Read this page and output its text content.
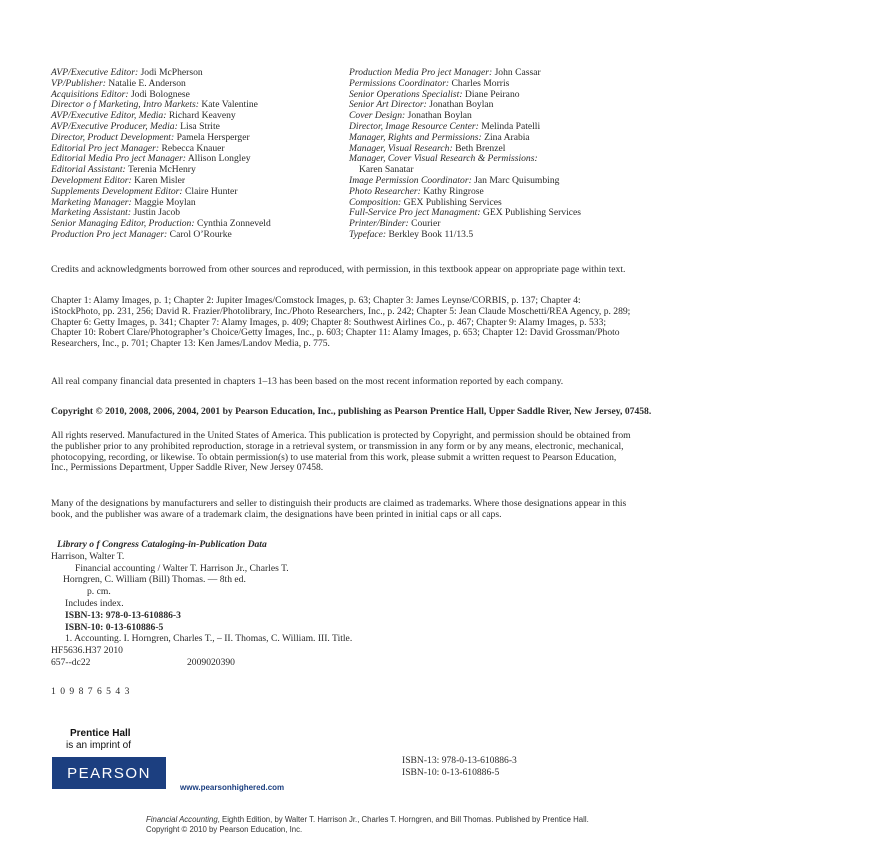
AVP/Executive Editor: Jodi McPherson
VP/Publisher: Natalie E. Anderson
Acquisitions Editor: Jodi Bolognese
Director o f Marketing, Intro Markets: Kate Valentine
AVP/Executive Editor, Media: Richard Keaveny
AVP/Executive Producer, Media: Lisa Strite
Director, Product Development: Pamela Hersperger
Editorial Pro ject Manager: Rebecca Knauer
Editorial Media Pro ject Manager: Allison Longley
Editorial Assistant: Terenia McHenry
Development Editor: Karen Misler
Supplements Development Editor: Claire Hunter
Marketing Manager: Maggie Moylan
Marketing Assistant: Justin Jacob
Senior Managing Editor, Production: Cynthia Zonneveld
Production Pro ject Manager: Carol O’Rourke
Production Media Pro ject Manager: John Cassar
Permissions Coordinator: Charles Morris
Senior Operations Specialist: Diane Peirano
Senior Art Director: Jonathan Boylan
Cover Design: Jonathan Boylan
Director, Image Resource Center: Melinda Patelli
Manager, Rights and Permissions: Zina Arabia
Manager, Visual Research: Beth Brenzel
Manager, Cover Visual Research & Permissions:
Karen Sanatar
Image Permission Coordinator: Jan Marc Quisumbing
Photo Researcher: Kathy Ringrose
Composition: GEX Publishing Services
Full-Service Pro ject Managment: GEX Publishing Services
Printer/Binder: Courier
Typeface: Berkley Book 11/13.5

Credits and acknowledgments borrowed from other sources and reproduced, with permission, in this textbook appear on appropriate page within text.

Chapter 1: Alamy Images, p. 1; Chapter 2: Jupiter Images/Comstock Images, p. 63; Chapter 3: James Leynse/CORBIS, p. 137; Chapter 4: iStockPhoto, pp. 231, 256; David R. Frazier/Photolibrary, Inc./Photo Researchers, Inc., p. 242; Chapter 5: Jean Claude Moschetti/REA Agency, p. 289; Chapter 6: Getty Images, p. 341; Chapter 7: Alamy Images, p. 409; Chapter 8: Southwest Airlines Co., p. 467; Chapter 9: Alamy Images, p. 533; Chapter 10: Robert Clare/Photographer’s Choice/Getty Images, Inc., p. 603; Chapter 11: Alamy Images, p. 653; Chapter 12: David Grossman/Photo Researchers, Inc., p. 701; Chapter 13: Ken James/Landov Media, p. 775.

All real company financial data presented in chapters 1–13 has been based on the most recent information reported by each company.

Copyright © 2010, 2008, 2006, 2004, 2001 by Pearson Education, Inc., publishing as Pearson Prentice Hall, Upper Saddle River, New Jersey, 07458.

All rights reserved. Manufactured in the United States of America. This publication is protected by Copyright, and permission should be obtained from the publisher prior to any prohibited reproduction, storage in a retrieval system, or transmission in any form or by any means, electronic, mechanical, photocopying, recording, or likewise. To obtain permission(s) to use material from this work, please submit a written request to Pearson Education, Inc., Permissions Department, Upper Saddle River, New Jersey 07458.

Many of the designations by manufacturers and seller to distinguish their products are claimed as trademarks. Where those designations appear in this book, and the publisher was aware of a trademark claim, the designations have been printed in initial caps or all caps.

Library o f Congress Cataloging-in-Publication Data
Harrison, Walter T.
Financial accounting / Walter T. Harrison Jr., Charles T.
Horngren, C. William (Bill) Thomas. — 8th ed.
p. cm.
Includes index.
ISBN-13: 978-0-13-610886-3
ISBN-10: 0-13-610886-5
1. Accounting. I. Horngren, Charles T., – II. Thomas, C. William. III. Title.
HF5636.H37 2010
657--dc22	2009020390
1 0 9 8 7 6 5 4 3
Prentice Hall
is an imprint of
PEARSON
www.pearsonhighered.com
ISBN-13: 978-0-13-610886-3
ISBN-10: 0-13-610886-5
Financial Accounting, Eighth Edition, by Walter T. Harrison Jr., Charles T. Horngren, and Bill Thomas. Published by Prentice Hall.
Copyright © 2010 by Pearson Education, Inc.
